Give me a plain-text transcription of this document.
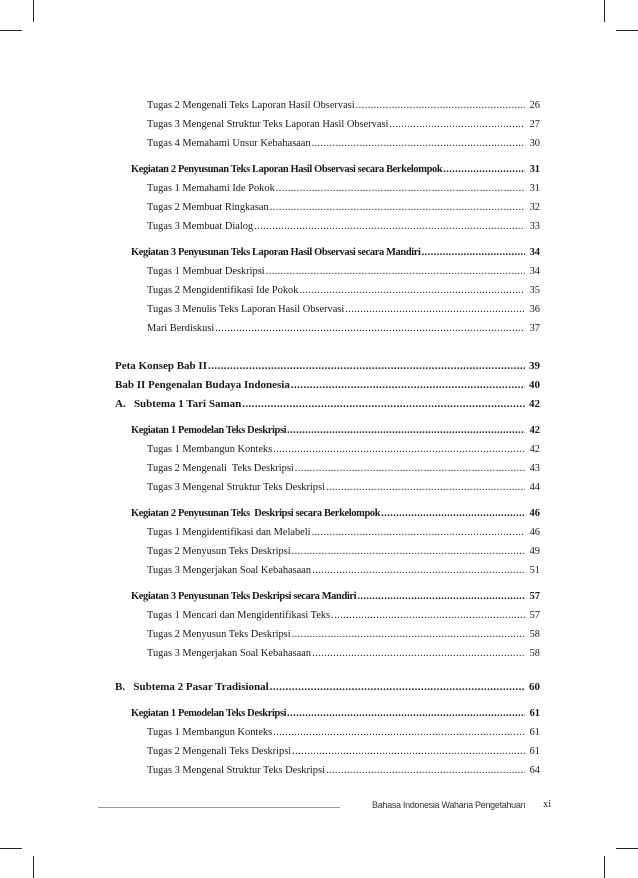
Tugas 2 Mengenali Teks Laporan Hasil Observasi .....	26
Tugas 3 Mengenal Struktur Teks Laporan Hasil Observasi .....	27
Tugas 4 Memahami Unsur Kebahasaan .....	30
Kegiatan 2 Penyusunan Teks Laporan Hasil Observasi secara Berkelompok .....	31
Tugas 1 Memahami Ide Pokok .....	31
Tugas 2 Membuat Ringkasan .....	32
Tugas 3 Membuat Dialog .....	33
Kegiatan 3 Penyusunan Teks Laporan Hasil Observasi secara Mandiri .....	34
Tugas 1 Membuat Deskripsi .....	34
Tugas 2 Mengidentifikasi Ide Pokok .....	35
Tugas 3 Menulis Teks Laporan Hasil Observasi .....	36
Mari Berdiskusi .....	37
Peta Konsep Bab II .....	39
Bab II Pengenalan Budaya Indonesia .....	40
A.   Subtema 1 Tari Saman .....	42
Kegiatan 1 Pemodelan Teks Deskripsi .....	42
Tugas 1 Membangun Konteks .....	42
Tugas 2 Mengenali  Teks Deskripsi .....	43
Tugas 3 Mengenal Struktur Teks Deskripsi .....	44
Kegiatan 2 Penyusunan Teks  Deskripsi secara Berkelompok .....	46
Tugas 1 Mengidentifikasi dan Melabeli .....	46
Tugas 2 Menyusun Teks Deskripsi .....	49
Tugas 3 Mengerjakan Soal Kebahasaan .....	51
Kegiatan 3 Penyusunan Teks Deskripsi secara Mandiri .....	57
Tugas 1 Mencari dan Mengidentifikasi Teks .....	57
Tugas 2 Menyusun Teks Deskripsi .....	58
Tugas 3 Mengerjakan Soal Kebahasaan .....	58
B.   Subtema 2 Pasar Tradisional .....	60
Kegiatan 1 Pemodelan Teks Deskripsi .....	61
Tugas 1 Membangun Konteks .....	61
Tugas 2 Mengenali Teks Deskripsi .....	61
Tugas 3 Mengenal Struktur Teks Deskripsi .....	64
Bahasa Indonesia Wahana Pengetahuan xi
